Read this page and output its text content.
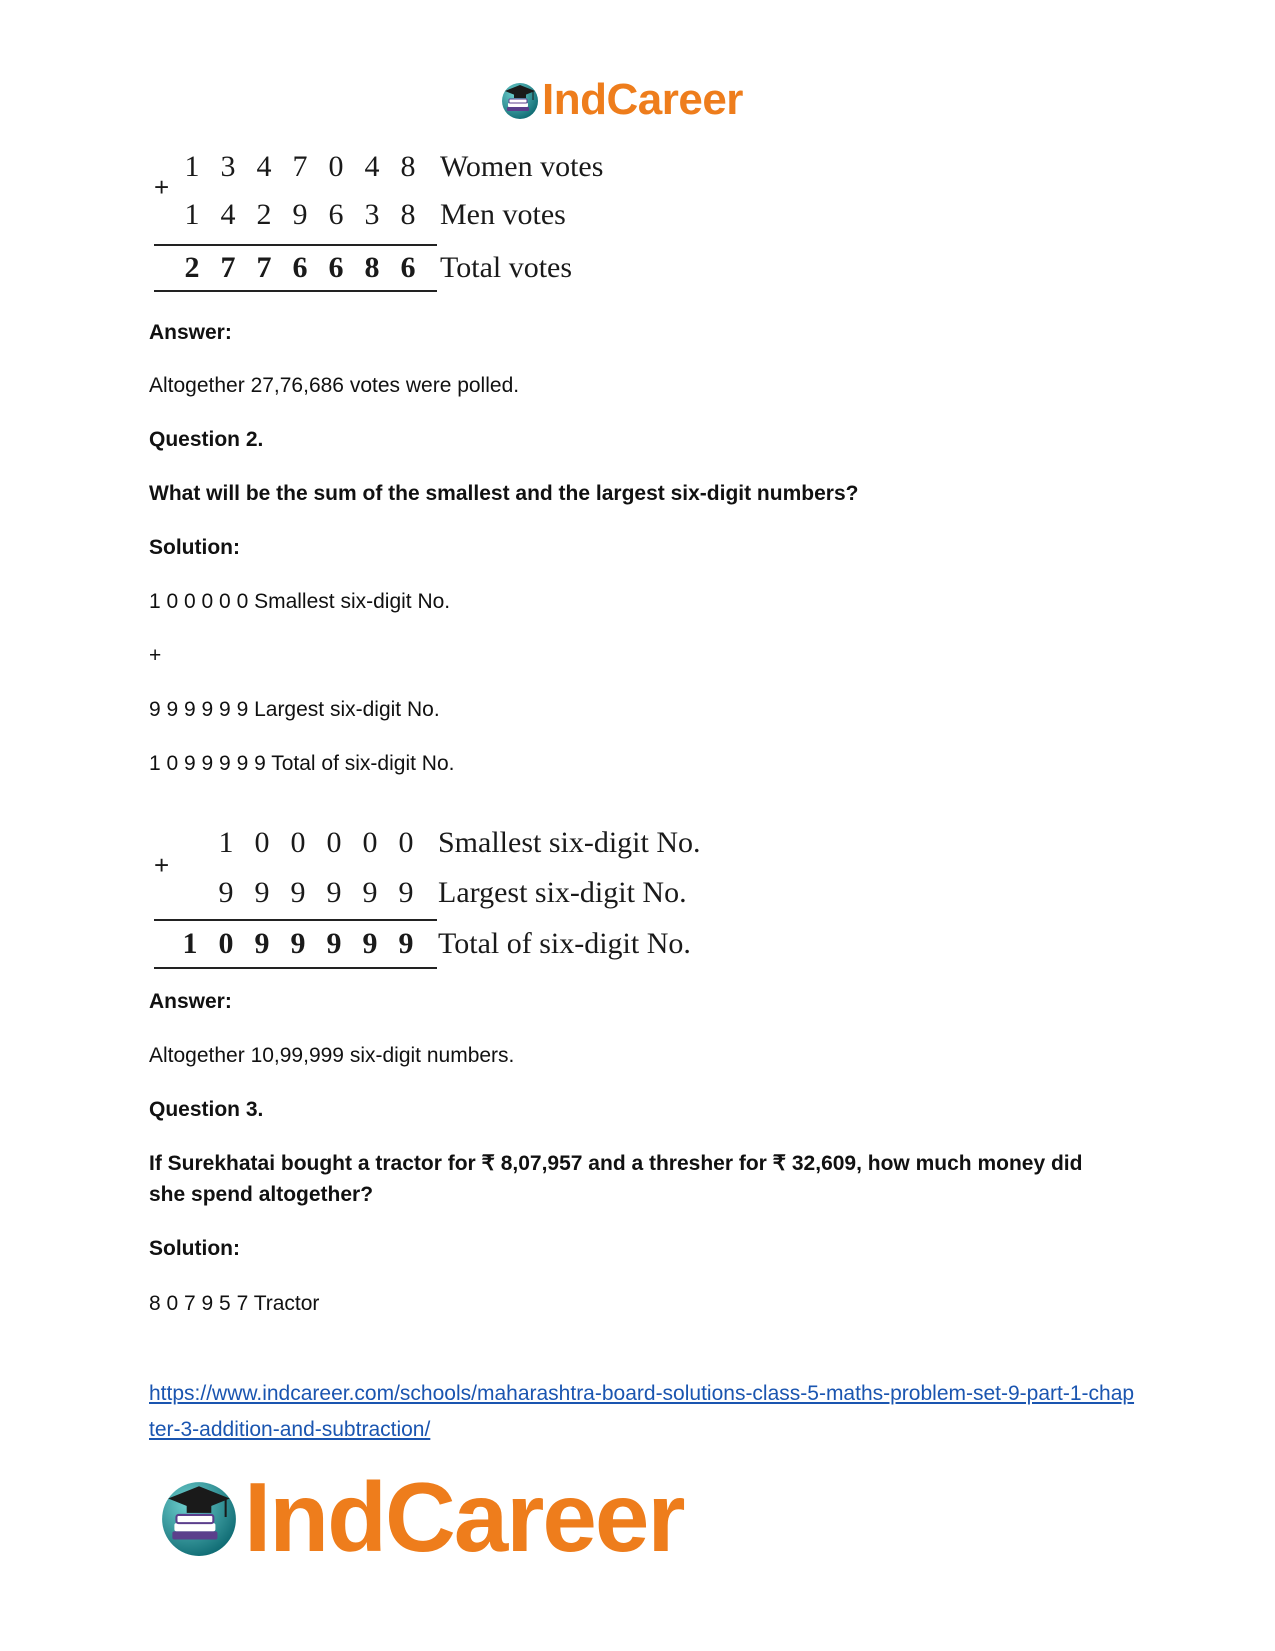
IndCareer
+
1 3 4 7 0 4 8 Women votes
1 4 2 9 6 3 8 Men votes
2 7 7 6 6 8 6 Total votes

Answer:

Altogether 27,76,686 votes were polled.

Question 2.

What will be the sum of the smallest and the largest six-digit numbers?

Solution:

1 0 0 0 0 0 Smallest six-digit No.

+

9 9 9 9 9 9 Largest six-digit No.

1 0 9 9 9 9 9 Total of six-digit No.

+
1 0 0 0 0 0 Smallest six-digit No.
9 9 9 9 9 9 Largest six-digit No.
1 0 9 9 9 9 9 Total of six-digit No.

Answer:

Altogether 10,99,999 six-digit numbers.

Question 3.

If Surekhatai bought a tractor for ₹ 8,07,957 and a thresher for ₹ 32,609, how much money did she spend altogether?

Solution:

8 0 7 9 5 7 Tractor

https://www.indcareer.com/schools/maharashtra-board-solutions-class-5-maths-problem-set-9-part-1-chapter-3-addition-and-subtraction/
IndCareer
